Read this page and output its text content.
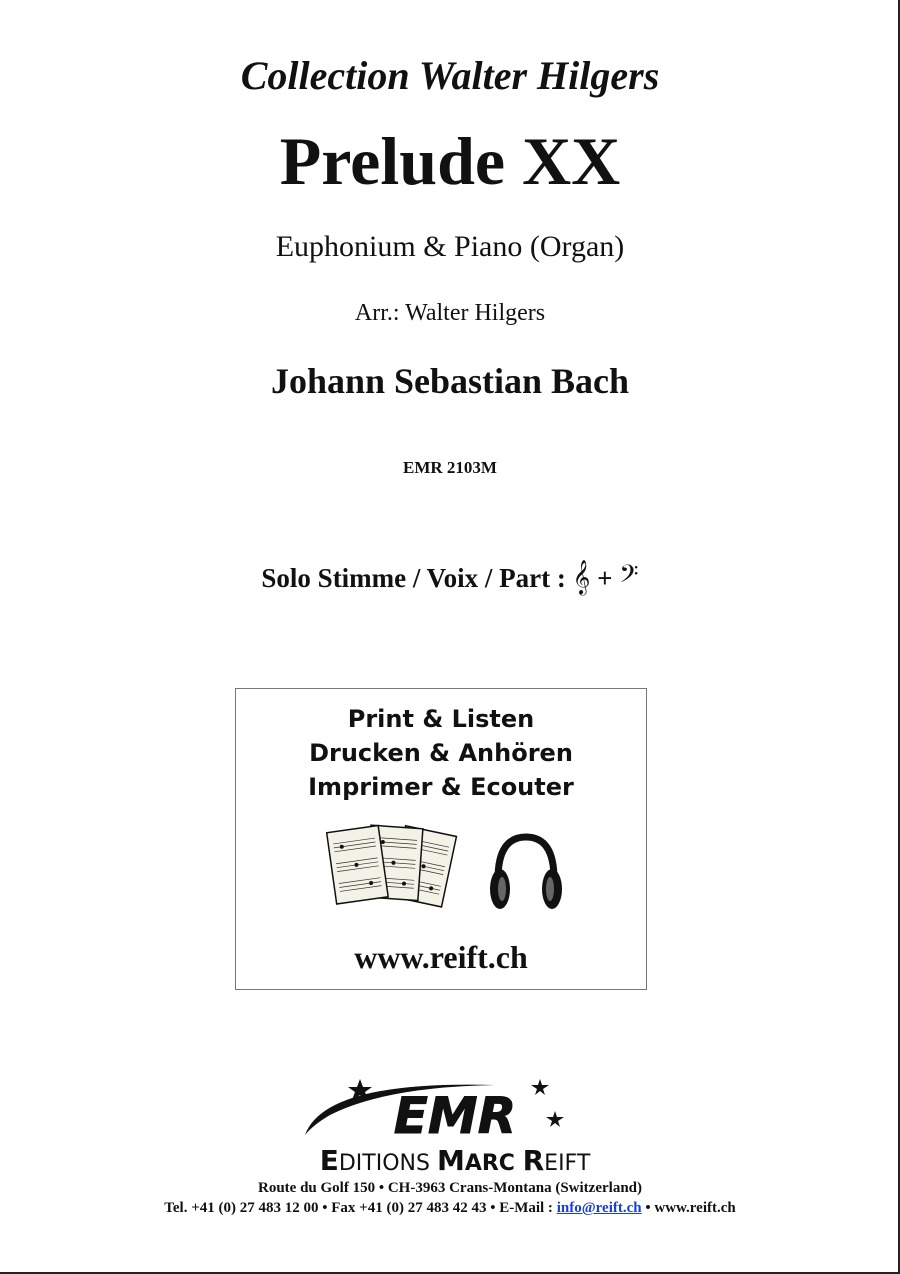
Collection Walter Hilgers
Prelude XX
Euphonium & Piano (Organ)
Arr.: Walter Hilgers
Johann Sebastian Bach
EMR 2103M
Solo Stimme / Voix / Part : 𝄞 + 𝄢
Print & Listen
Drucken & Anhören
Imprimer & Ecouter
www.reift.ch
EMR
EDITIONS MARC REIFT
Route du Golf 150 • CH-3963 Crans-Montana (Switzerland)
Tel. +41 (0) 27 483 12 00 • Fax +41 (0) 27 483 42 43 • E-Mail : info@reift.ch • www.reift.ch
